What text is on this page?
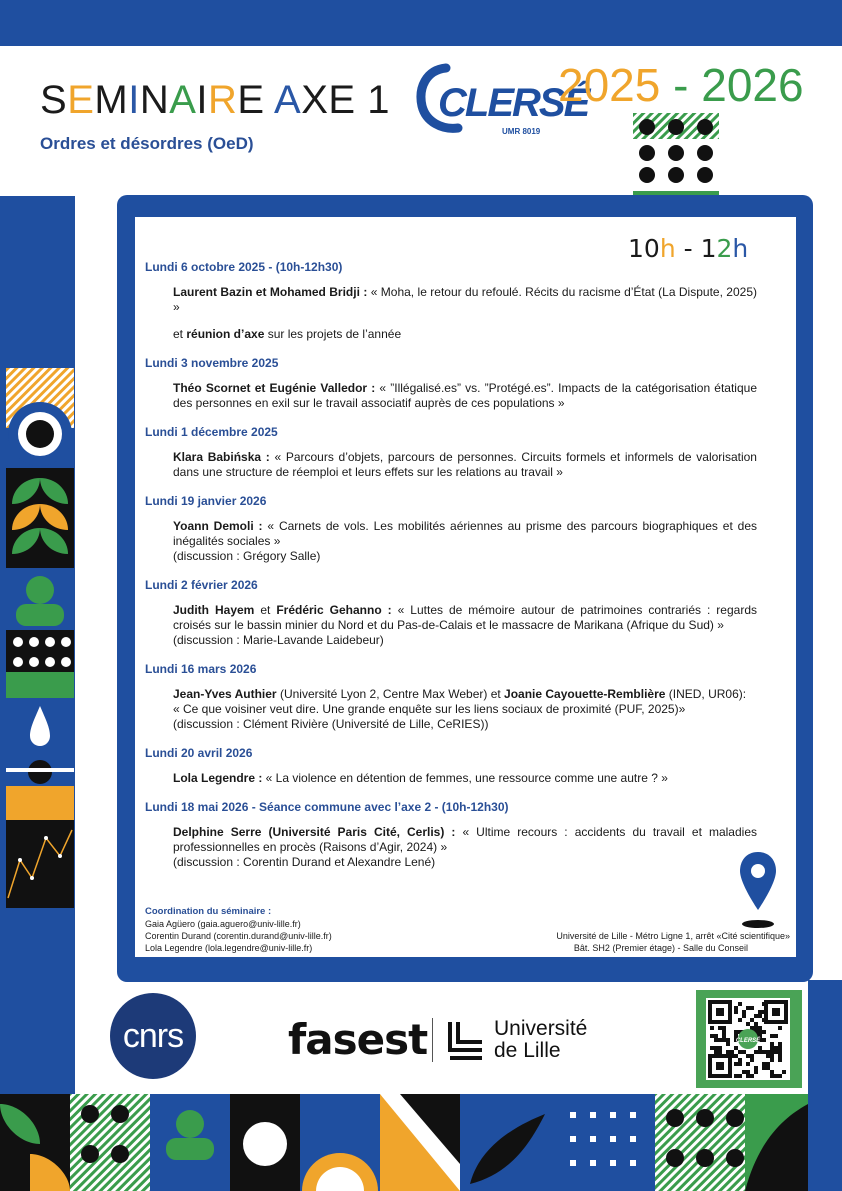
SEMINAIRE AXE 1
Ordres et désordres (OeD)
CLERSÉ
UMR 8019
2025 - 2026
10h - 12h
Lundi 6 octobre 2025 - (10h-12h30)
Laurent Bazin et Mohamed Bridji : « Moha, le retour du refoulé. Récits du racisme d’État (La Dispute, 2025) »
et réunion d’axe sur les projets de l’année
Lundi 3 novembre 2025
Théo Scornet et Eugénie Valledor : « ”Illégalisé.es” vs. ”Protégé.es”. Impacts de la catégorisation étatique des personnes en exil sur le travail associatif auprès de ces populations »
Lundi 1 décembre 2025
Klara Babińska : « Parcours d’objets, parcours de personnes. Circuits formels et informels de valorisation dans une structure de réemploi et leurs effets sur les relations au travail »
Lundi 19 janvier 2026
Yoann Demoli : « Carnets de vols. Les mobilités aériennes au prisme des parcours biographiques et des inégalités sociales »
(discussion : Grégory Salle)
Lundi 2 février 2026
Judith Hayem et Frédéric Gehanno : « Luttes de mémoire autour de patrimoines contrariés : regards croisés sur le bassin minier du Nord et du Pas-de-Calais et le massacre de Marikana (Afrique du Sud) »
(discussion : Marie-Lavande Laidebeur)
Lundi 16 mars 2026
Jean-Yves Authier (Université Lyon 2, Centre Max Weber) et Joanie Cayouette-Remblière (INED, UR06):
« Ce que voisiner veut dire. Une grande enquête sur les liens sociaux de proximité (PUF, 2025)»
(discussion : Clément Rivière (Université de Lille, CeRIES))
Lundi 20 avril 2026
Lola Legendre : « La violence en détention de femmes, une ressource comme une autre ? »
Lundi 18 mai 2026 - Séance commune avec l’axe 2 - (10h-12h30)
Delphine Serre (Université Paris Cité, Cerlis) : « Ultime recours : accidents du travail et maladies professionnelles en procès (Raisons d’Agir, 2024) »
(discussion : Corentin Durand et Alexandre Lené)
Coordination du séminaire :
Gaia Agüero (gaia.aguero@univ-lille.fr)
Corentin Durand (corentin.durand@univ-lille.fr)
Lola Legendre (lola.legendre@univ-lille.fr)
Université de Lille - Métro Ligne 1, arrêt «Cité scientifique»
Bât. SH2 (Premier étage) - Salle du Conseil
cnrs	fasest	Université
de Lille	CLERSÉ
